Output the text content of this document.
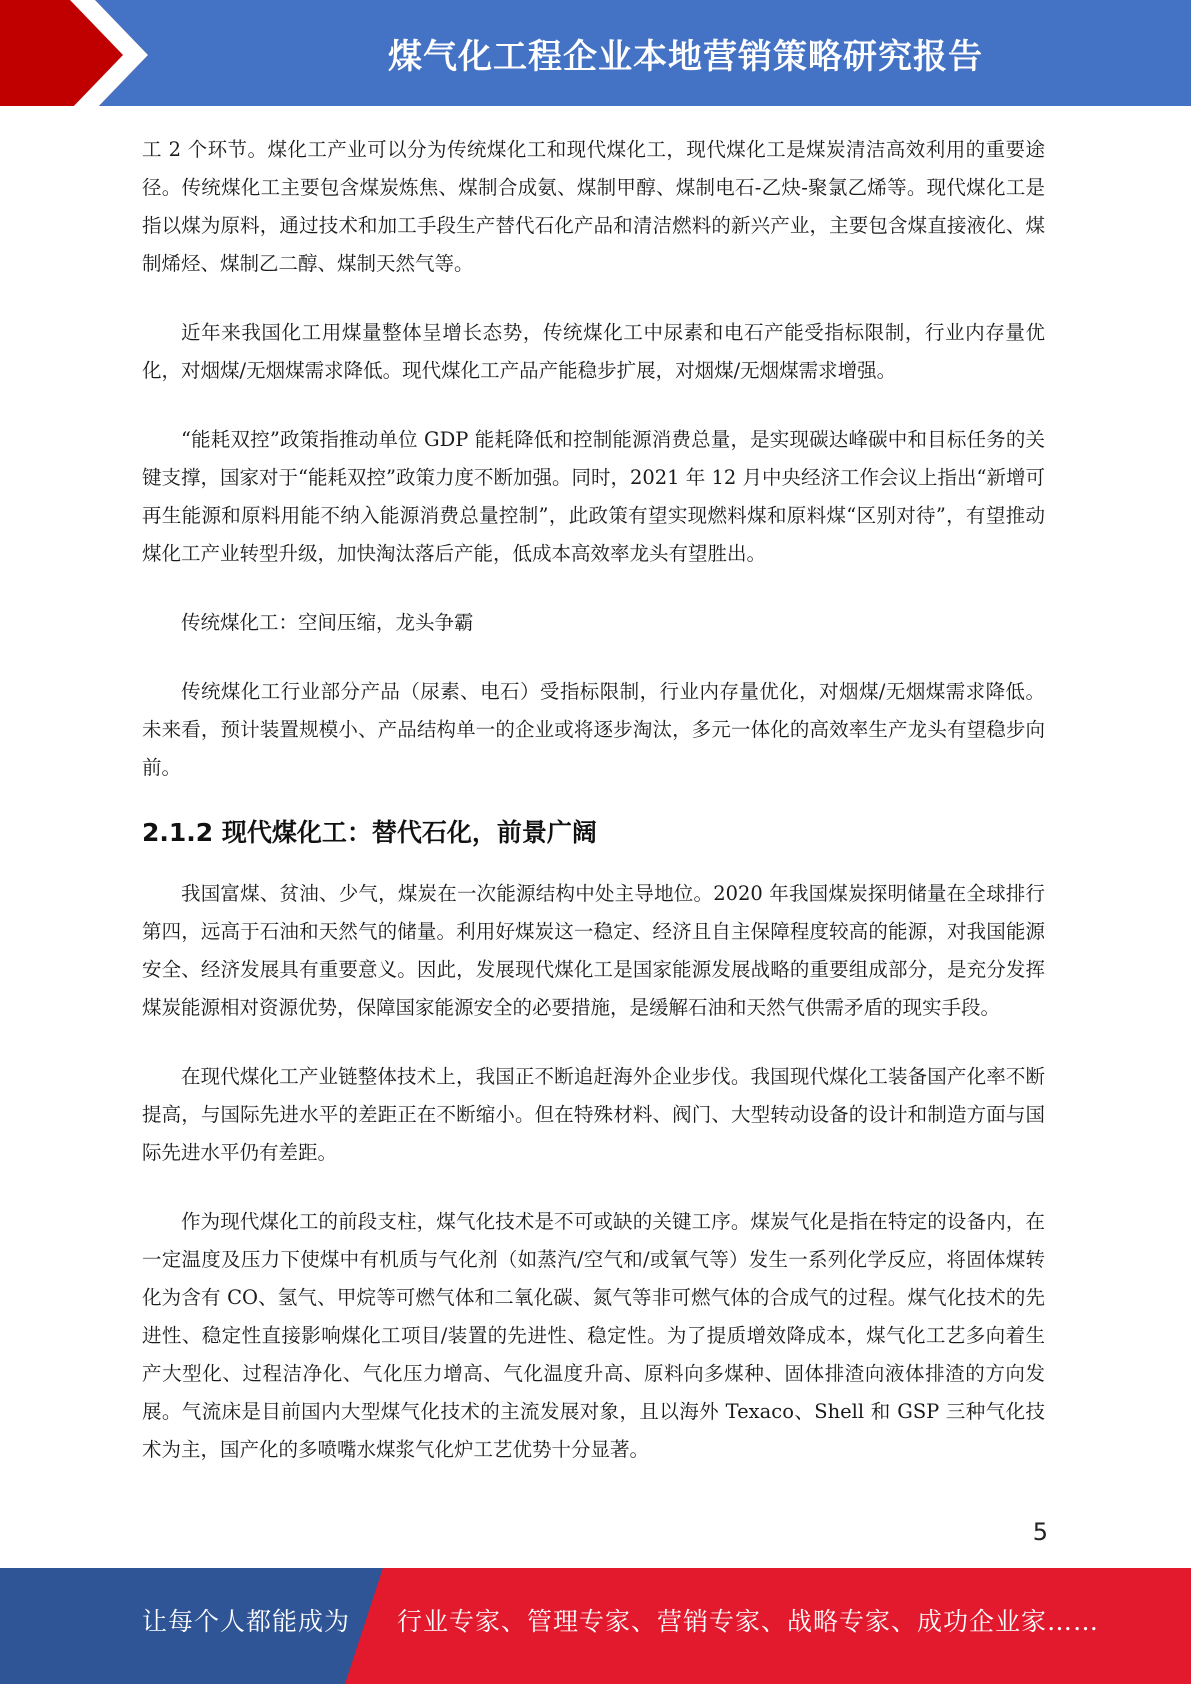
煤气化工程企业本地营销策略研究报告

工 2 个环节。煤化工产业可以分为传统煤化工和现代煤化工，现代煤化工是煤炭清洁高效利用的重要途径。传统煤化工主要包含煤炭炼焦、煤制合成氨、煤制甲醇、煤制电石-乙炔-聚氯乙烯等。现代煤化工是指以煤为原料，通过技术和加工手段生产替代石化产品和清洁燃料的新兴产业，主要包含煤直接液化、煤制烯烃、煤制乙二醇、煤制天然气等。

近年来我国化工用煤量整体呈增长态势，传统煤化工中尿素和电石产能受指标限制，行业内存量优化，对烟煤/无烟煤需求降低。现代煤化工产品产能稳步扩展，对烟煤/无烟煤需求增强。

“能耗双控”政策指推动单位 GDP 能耗降低和控制能源消费总量，是实现碳达峰碳中和目标任务的关键支撑，国家对于“能耗双控”政策力度不断加强。同时，2021 年 12 月中央经济工作会议上指出“新增可再生能源和原料用能不纳入能源消费总量控制”，此政策有望实现燃料煤和原料煤“区别对待”，有望推动煤化工产业转型升级，加快淘汰落后产能，低成本高效率龙头有望胜出。

传统煤化工：空间压缩，龙头争霸

传统煤化工行业部分产品（尿素、电石）受指标限制，行业内存量优化，对烟煤/无烟煤需求降低。未来看，预计装置规模小、产品结构单一的企业或将逐步淘汰，多元一体化的高效率生产龙头有望稳步向前。

2.1.2 现代煤化工：替代石化，前景广阔

我国富煤、贫油、少气，煤炭在一次能源结构中处主导地位。2020 年我国煤炭探明储量在全球排行第四，远高于石油和天然气的储量。利用好煤炭这一稳定、经济且自主保障程度较高的能源，对我国能源安全、经济发展具有重要意义。因此，发展现代煤化工是国家能源发展战略的重要组成部分，是充分发挥煤炭能源相对资源优势，保障国家能源安全的必要措施，是缓解石油和天然气供需矛盾的现实手段。

在现代煤化工产业链整体技术上，我国正不断追赶海外企业步伐。我国现代煤化工装备国产化率不断提高，与国际先进水平的差距正在不断缩小。但在特殊材料、阀门、大型转动设备的设计和制造方面与国际先进水平仍有差距。

作为现代煤化工的前段支柱，煤气化技术是不可或缺的关键工序。煤炭气化是指在特定的设备内，在一定温度及压力下使煤中有机质与气化剂（如蒸汽/空气和/或氧气等）发生一系列化学反应，将固体煤转化为含有 CO、氢气、甲烷等可燃气体和二氧化碳、氮气等非可燃气体的合成气的过程。煤气化技术的先进性、稳定性直接影响煤化工项目/装置的先进性、稳定性。为了提质增效降成本，煤气化工艺多向着生产大型化、过程洁净化、气化压力增高、气化温度升高、原料向多煤种、固体排渣向液体排渣的方向发展。气流床是目前国内大型煤气化技术的主流发展对象，且以海外 Texaco、Shell 和 GSP 三种气化技术为主，国产化的多喷嘴水煤浆气化炉工艺优势十分显著。

5
让每个人都能成为 行业专家、管理专家、营销专家、战略专家、成功企业家……
